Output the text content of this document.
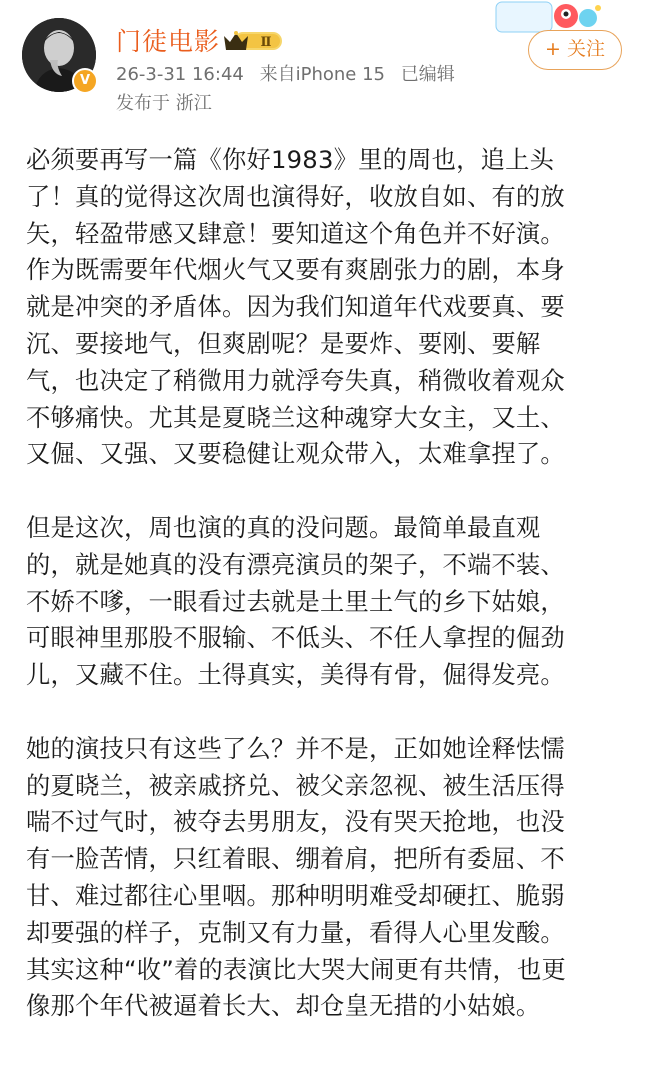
V
门徒电影	Ⅱ
26-3-31 16:44 来自iPhone 15 已编辑
发布于 浙江
+ 关注

必须要再写一篇《你好1983》里的周也，追上头

了！真的觉得这次周也演得好，收放自如、有的放

矢，轻盈带感又肆意！要知道这个角色并不好演。

作为既需要年代烟火气又要有爽剧张力的剧，本身

就是冲突的矛盾体。因为我们知道年代戏要真、要

沉、要接地气，但爽剧呢？是要炸、要刚、要解

气，也决定了稍微用力就浮夸失真，稍微收着观众

不够痛快。尤其是夏晓兰这种魂穿大女主，又土、

又倔、又强、又要稳健让观众带入，太难拿捏了。

但是这次，周也演的真的没问题。最简单最直观

的，就是她真的没有漂亮演员的架子，不端不装、

不娇不嗲，一眼看过去就是土里土气的乡下姑娘，

可眼神里那股不服输、不低头、不任人拿捏的倔劲

儿，又藏不住。土得真实，美得有骨，倔得发亮。

她的演技只有这些了么？并不是，正如她诠释怯懦

的夏晓兰，被亲戚挤兑、被父亲忽视、被生活压得

喘不过气时，被夺去男朋友，没有哭天抢地，也没

有一脸苦情，只红着眼、绷着肩，把所有委屈、不

甘、难过都往心里咽。那种明明难受却硬扛、脆弱

却要强的样子，克制又有力量，看得人心里发酸。

其实这种“收”着的表演比大哭大闹更有共情，也更

像那个年代被逼着长大、却仓皇无措的小姑娘。
